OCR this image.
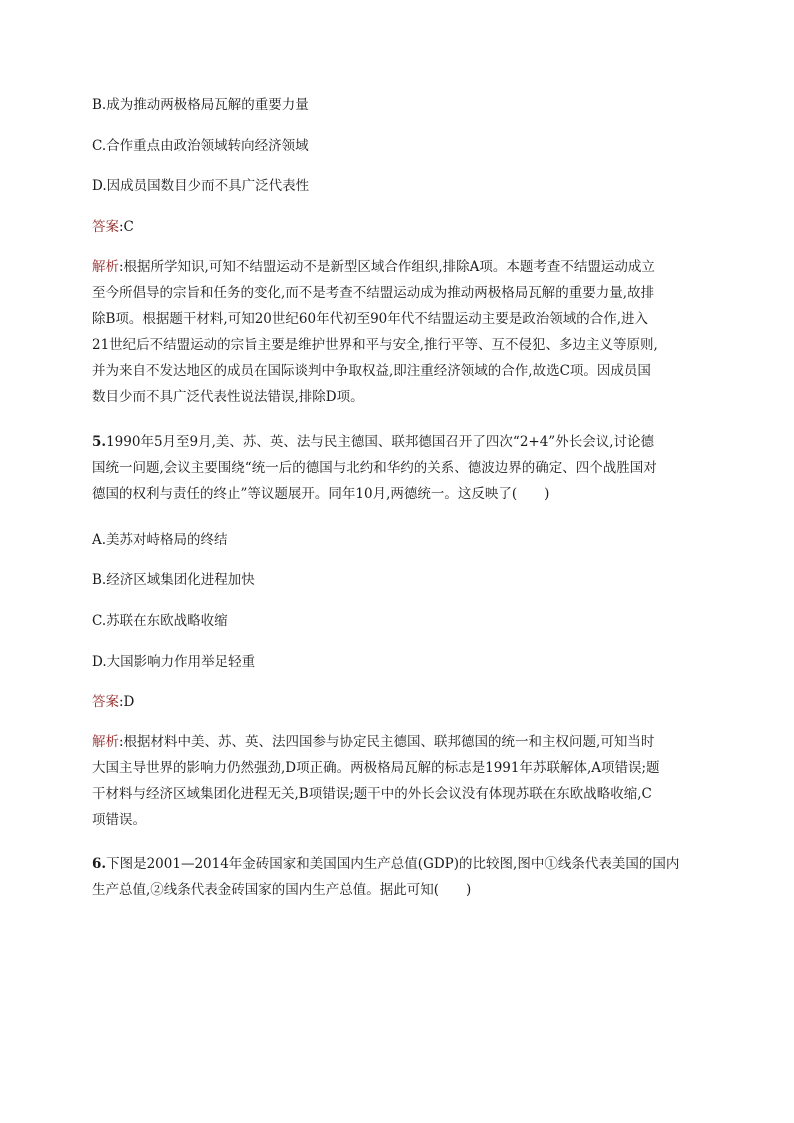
B.成为推动两极格局瓦解的重要力量
C.合作重点由政治领域转向经济领域
D.因成员国数目少而不具广泛代表性
答案:C
解析:根据所学知识,可知不结盟运动不是新型区域合作组织,排除A项。本题考查不结盟运动成立
至今所倡导的宗旨和任务的变化,而不是考查不结盟运动成为推动两极格局瓦解的重要力量,故排
除B项。根据题干材料,可知20世纪60年代初至90年代不结盟运动主要是政治领域的合作,进入
21世纪后不结盟运动的宗旨主要是维护世界和平与安全,推行平等、互不侵犯、多边主义等原则,
并为来自不发达地区的成员在国际谈判中争取权益,即注重经济领域的合作,故选C项。因成员国
数目少而不具广泛代表性说法错误,排除D项。
5.1990年5月至9月,美、苏、英、法与民主德国、联邦德国召开了四次“2+4”外长会议,讨论德
国统一问题,会议主要围绕“统一后的德国与北约和华约的关系、德波边界的确定、四个战胜国对
德国的权利与责任的终止”等议题展开。同年10月,两德统一。这反映了(　　)
A.美苏对峙格局的终结
B.经济区域集团化进程加快
C.苏联在东欧战略收缩
D.大国影响力作用举足轻重
答案:D
解析:根据材料中美、苏、英、法四国参与协定民主德国、联邦德国的统一和主权问题,可知当时
大国主导世界的影响力仍然强劲,D项正确。两极格局瓦解的标志是1991年苏联解体,A项错误;题
干材料与经济区域集团化进程无关,B项错误;题干中的外长会议没有体现苏联在东欧战略收缩,C
项错误。
6.下图是2001—2014年金砖国家和美国国内生产总值(GDP)的比较图,图中①线条代表美国的国内
生产总值,②线条代表金砖国家的国内生产总值。据此可知(　　)
